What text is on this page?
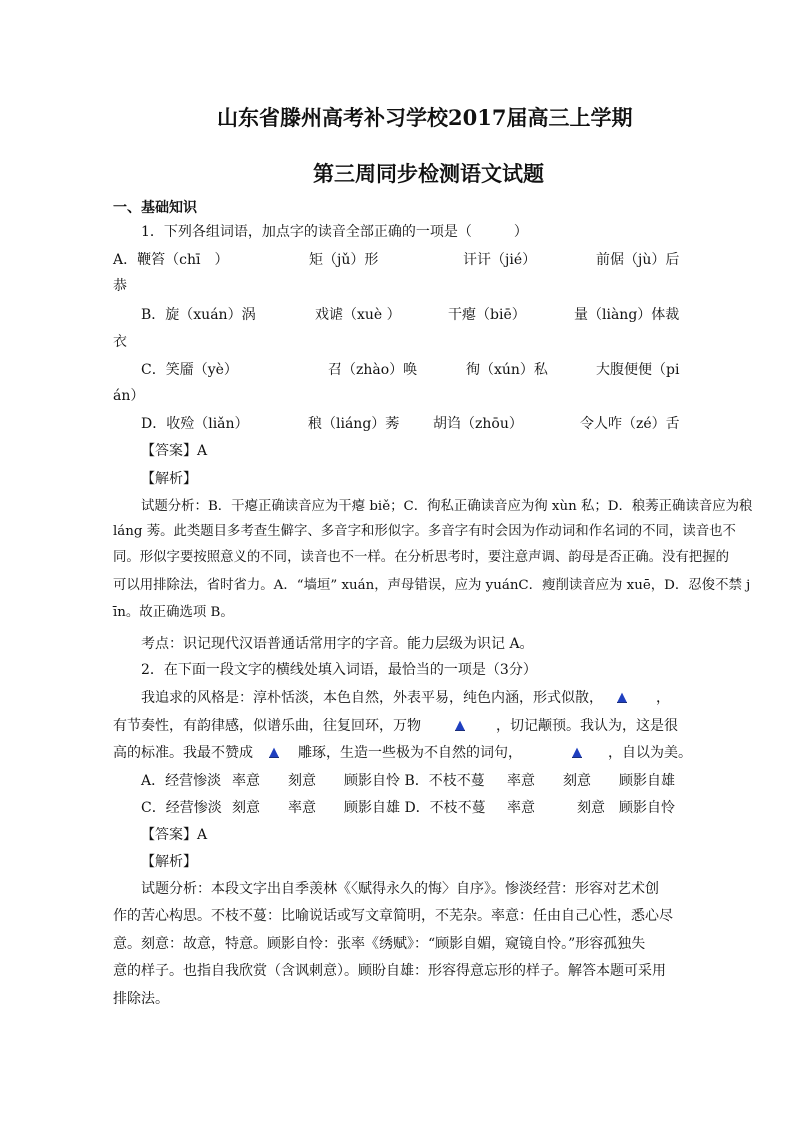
山东省滕州高考补习学校2017届高三上学期
第三周同步检测语文试题
一、基础知识
1．下列各组词语，加点字的读音全部正确的一项是（　　　）
A．鞭笞（chī　）	矩（jǔ）形	讦讦（jié）	前倨（jù）后
恭
B．旋（xuán）涡	戏谑（xuè ）	干瘪（biē）	量（liàng）体裁
衣
C．笑靥（yè）	召（zhào）唤	徇（xún）私	大腹便便（pi
án）
D．收殓（liǎn）	稂（liáng）莠 胡诌（zhōu）	令人咋（zé）舌
【答案】A
【解析】
试题分析：B．干瘪正确读音应为干瘪 biě；C．徇私正确读音应为徇 xùn 私；D．稂莠正确读音应为稂
láng 莠。此类题目多考查生僻字、多音字和形似字。多音字有时会因为作动词和作名词的不同，读音也不
同。形似字要按照意义的不同，读音也不一样。在分析思考时，要注意声调、韵母是否正确。没有把握的
可以用排除法，省时省力。A．“墙垣” xuán，声母错误，应为 yuánC．瘦削读音应为 xuē，D．忍俊不禁 j
īn。故正确选项 B。
考点：识记现代汉语普通话常用字的字音。能力层级为识记 A。
2．在下面一段文字的横线处填入词语，最恰当的一项是（3分）
我追求的风格是：淳朴恬淡，本色自然，外表平易，纯色内涵，形式似散，	▲	，
有节奏性，有韵律感，似谱乐曲，往复回环，万物	▲	，切记颟顸。我认为，这是很
高的标准。我最不赞成	▲	雕琢，生造一些极为不自然的词句，	▲	，自以为美。
A．经营惨淡 率意 刻意 顾影自怜 B．不枝不蔓 率意 刻意 顾影自雄
C．经营惨淡 刻意 率意 顾影自雄 D．不枝不蔓 率意	刻意 顾影自怜
【答案】A
【解析】
试题分析：本段文字出自季羡林《〈赋得永久的悔〉自序》。惨淡经营：形容对艺术创
作的苦心构思。不枝不蔓：比喻说话或写文章简明，不芜杂。率意：任由自己心性，悉心尽
意。刻意：故意，特意。顾影自怜：张率《绣赋》：“顾影自媚，窥镜自怜。”形容孤独失
意的样子。也指自我欣赏（含讽刺意）。顾盼自雄：形容得意忘形的样子。解答本题可采用
排除法。
